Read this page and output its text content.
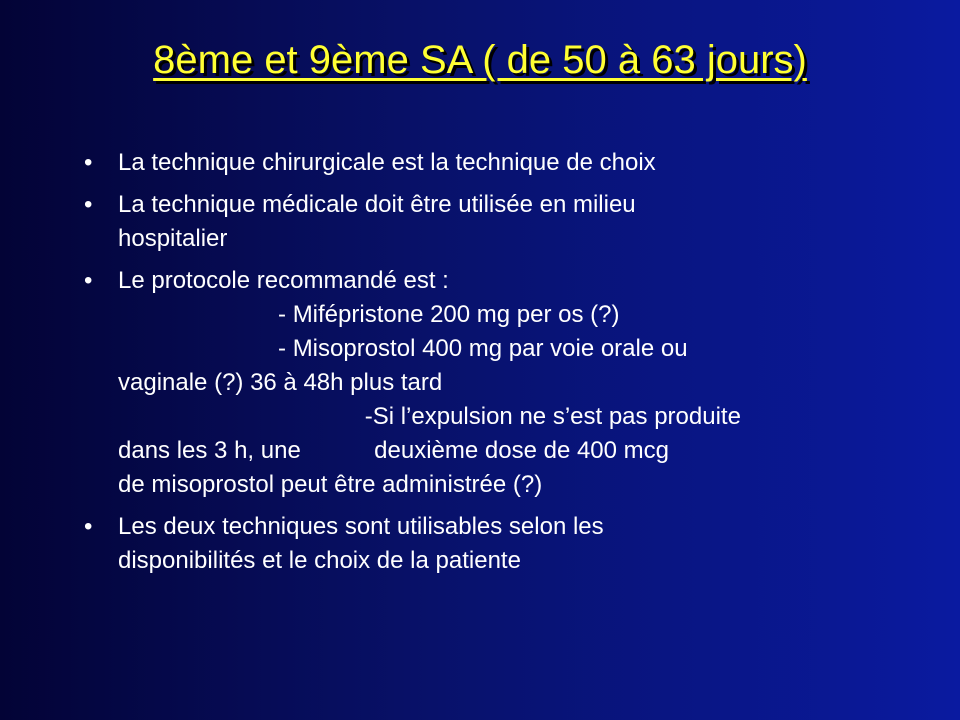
8ème et 9ème SA ( de 50 à 63 jours)
• La technique chirurgicale est la technique de choix
• La technique médicale doit être utilisée en milieu
hospitalier
• Le protocole recommandé est :
- Mifépristone 200 mg per os (?)
- Misoprostol 400 mg par voie orale ou
vaginale (?) 36 à 48h plus tard
-Si l’expulsion ne s’est pas produite
dans les 3 h, une           deuxième dose de 400 mcg
de misoprostol peut être administrée (?)
• Les deux techniques sont utilisables selon les
disponibilités et le choix de la patiente
